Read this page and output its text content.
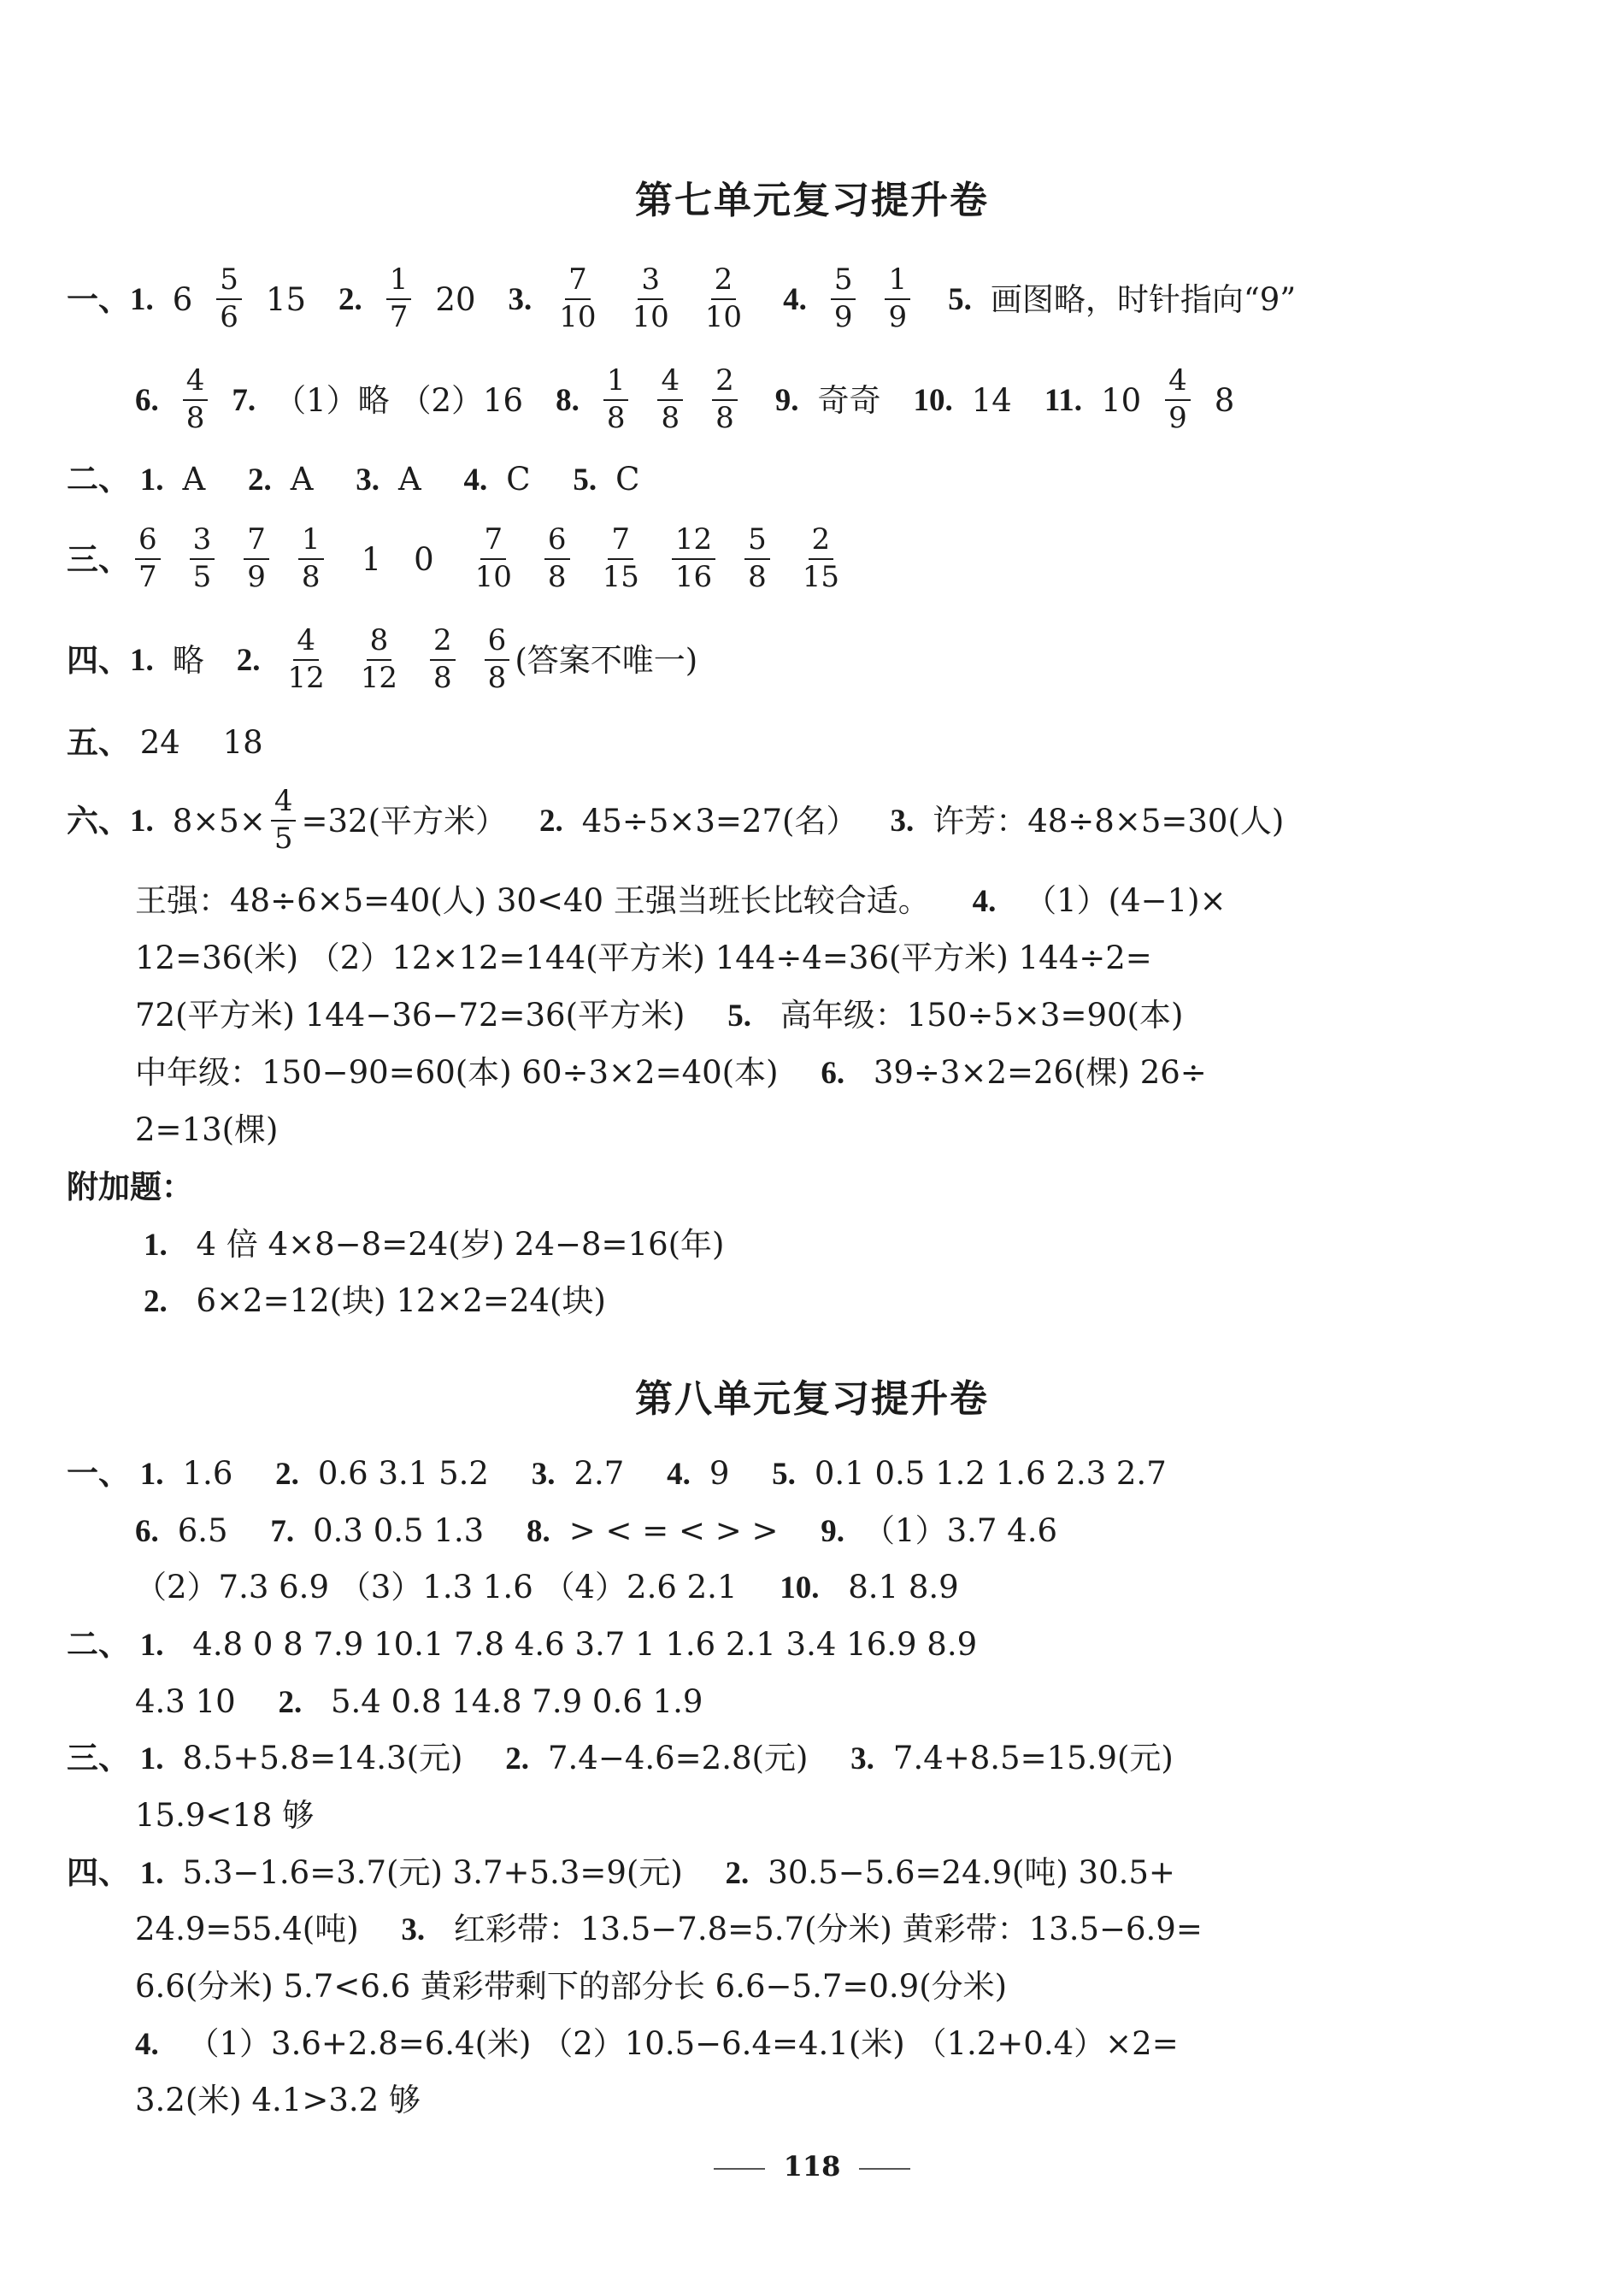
第七单元复习提升卷
一、 1. $6 \frac{5}{6} 15$ 2. $\frac{1}{7} 20$ 3. $\frac{7}{10} \frac{3}{10} \frac{2}{10} 4$. $\frac{5}{9} \frac{1}{9} 5$. 画图略，时针指向“9”
6. $\frac{4}{8} 7$. （1）略 （2）16 8. $\frac{1}{8} \frac{4}{8} \frac{2}{8} 9$. 奇奇 10. 14 11. $10 \frac{4}{9} 8$
二、 1. A 2. A 3. A 4. C 5. C
三、 $\frac{6}{7} \frac{3}{5} \frac{7}{9} \frac{1}{8} 1$ $0 \frac{7}{10} \frac{6}{8} \frac{7}{15} \frac{12}{16} \frac{5}{8} \frac{2}{15}$
四、 1. 略 2. $\frac{4}{12} \frac{8}{12} \frac{2}{8} \frac{6}{8}$ (答案不唯一)
五、 24 18
六、 1. $8\times 5\times \frac{4}{5} =32$(平方米） 2. 45÷5×3=27(名） 3. 许芳：48÷8×5=30(人)
王强：48÷6×5=40(人) 30<40 王强当班长比较合适。 4. （1）(4−1)×
12=36(米) （2）12×12=144(平方米) 144÷4=36(平方米) 144÷2=
72(平方米) 144−36−72=36(平方米) 5. 高年级：150÷5×3=90(本)
中年级：150−90=60(本) 60÷3×2=40(本) 6. 39÷3×2=26(棵) 26÷
2=13(棵)
附加题：
1. 4 倍 4×8−8=24(岁) 24−8=16(年)
2. 6×2=12(块) 12×2=24(块)
第八单元复习提升卷
一、 1. 1.6 2. 0.6 3.1 5.2 3. 2.7 4. 9 5. 0.1 0.5 1.2 1.6 2.3 2.7
6. 6.5 7. 0.3 0.5 1.3 8. > < = < > > 9. （1）3.7 4.6
（2）7.3 6.9 （3）1.3 1.6 （4）2.6 2.1 10. 8.1 8.9
二、 1. 4.8 0 8 7.9 10.1 7.8 4.6 3.7 1 1.6 2.1 3.4 16.9 8.9
4.3 10 2. 5.4 0.8 14.8 7.9 0.6 1.9
三、 1. 8.5+5.8=14.3(元) 2. 7.4−4.6=2.8(元) 3. 7.4+8.5=15.9(元)
15.9<18 够
四、 1. 5.3−1.6=3.7(元) 3.7+5.3=9(元) 2. 30.5−5.6=24.9(吨) 30.5+
24.9=55.4(吨) 3. 红彩带：13.5−7.8=5.7(分米) 黄彩带：13.5−6.9=
6.6(分米) 5.7<6.6 黄彩带剩下的部分长 6.6−5.7=0.9(分米)
4. （1）3.6+2.8=6.4(米) （2）10.5−6.4=4.1(米) （1.2+0.4）×2=
3.2(米) 4.1>3.2 够
118
